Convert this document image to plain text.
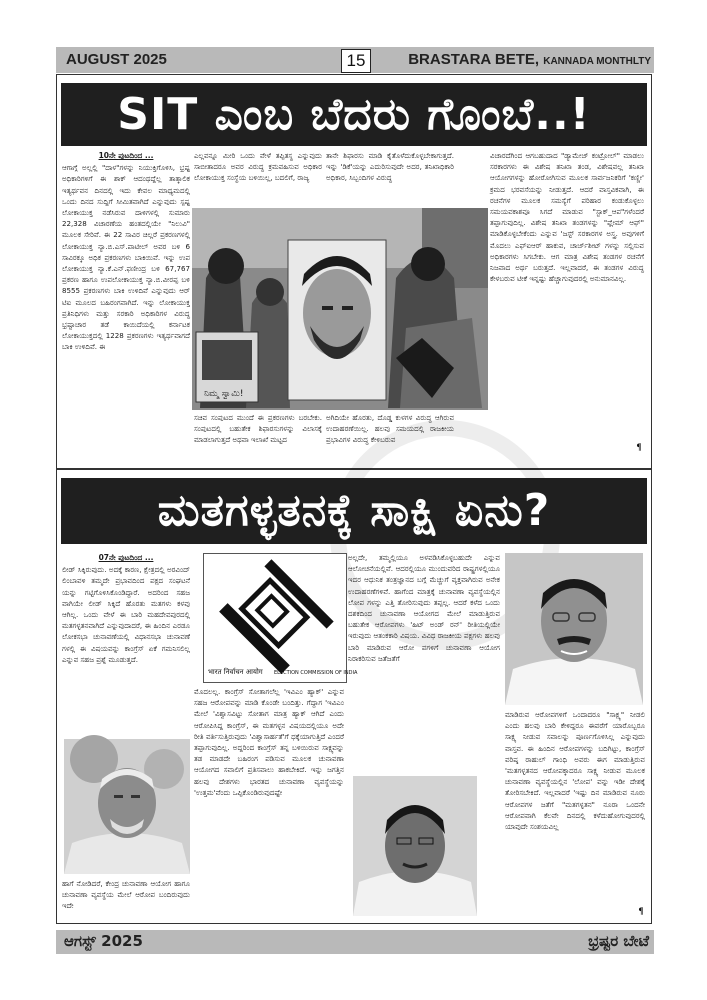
AUGUST 2025	15	BRASTARA BETE, KANNADA MONTHLTY
SIT ಎಂಬ ಬೆದರು ಗೊಂಬೆ..!
10ನೇ ಪುಟದಿಂದ ...

ಆಗಾಗ್ಗೆ ಅಲ್ಲಲ್ಲಿ "ದಾಳ"ಗಳನ್ನು ನಿಯುಕ್ತಿಗೊಳಿಸಿ, ಭ್ರಷ್ಟ ಅಧಿಕಾರಿಗಳಿಗೆ ಈ ಶಾಕ್ ಆದಂಥದ್ದೆಲ್ಲ ತಾತ್ಕಾಲಿಕ ಇತ್ಯರ್ಥವನ ದಿನದಲ್ಲಿ ಇದು ಕೇವಲ ಮಾಧ್ಯಮದಲ್ಲಿ ಒಂದು ದಿನದ ಸುದ್ದಿಗೆ ಸೀಮಿತವಾಗಿದೆ ಎನ್ನುವುದು ಸ್ಪಷ್ಟ ಲೋಕಾಯುಕ್ತ ನಡೆಸಿರುವ ದಾಳಿಗಳಲ್ಲಿ ಸುಮಾರು 22,328 ವಿಚಾರಣೆಯ ಹಂತದಲ್ಲಿಯೇ "ನಿಲುವಿ" ಮೂಲಕ ಸೇರಿವೆ. ಈ 22 ಸಾವಿರ ಚಿಲ್ಲರೆ ಪ್ರಕರಣಗಳಲ್ಲಿ ಲೋಕಾಯುಕ್ತ ನ್ಯಾ.ಬಿ.ಎಸ್.ಪಾಟೀಲ್ ಅವರ ಬಳಿ 6 ಸಾವಿರಕ್ಕೂ ಅಧಿಕ ಪ್ರಕರಣಗಳು ಬಾಕಿಯಿವೆ. ಇನ್ನು ಉಪ ಲೋಕಾಯುಕ್ತ ನ್ಯಾ.ಕೆ.ಎನ್.ಫಣೀಂದ್ರ ಬಳಿ 67,767 ಪ್ರಕರಣ ಹಾಗೂ ಉಪಲೋಕಾಯುಕ್ತ ನ್ಯಾ.ಬಿ.ವೀರಪ್ಪ ಬಳಿ 8555 ಪ್ರಕರಣಗಳು ಬಾಕಿ ಉಳಿದಿವೆ ಎನ್ನುವುದು ಆರ್ ಟಿಐ ಮೂಲದ ಬಹಿರಂಗವಾಗಿದೆ. ಇನ್ನು ಲೋಕಾಯುಕ್ತ ಪ್ರತಿನಿಧಿಗಳು ಮತ್ತು ಸರಕಾರಿ ಅಧಿಕಾರಿಗಳ ವಿರುದ್ಧ ಭ್ರಷ್ಟಾಚಾರ ತಡೆ ಕಾಯಿದೆಯಲ್ಲಿ ಕರ್ನಾಟಕ ಲೋಕಾಯುಕ್ತದಲ್ಲಿ 1228 ಪ್ರಕರಣಗಳು ಇತ್ಯರ್ಥವಾಗದೆ ಬಾಕಿ ಉಳಿದಿವೆ. ಈ

ಎಲ್ಲವನ್ನೂ ಮೀರಿ ಒಂದು ವೇಳೆ ತಪ್ಪಿತಸ್ಥ ಎನ್ನುವುದು ಸಾಬೀತಾದರೂ ಅವರ ವಿರುದ್ಧ ಕ್ರಮವಹಿಸುವ ಅಧಿಕಾರ ಲೋಕಾಯುಕ್ತ ಸಂಸ್ಥೆಯ ಬಳಿಯಿಲ್ಲ, ಬದಲಿಗೆ, ರಾಜ್ಯ

ತಾನೇ ಶಿಫಾರಸು ಮಾಡಿ ಕೈತೊಳೆದುಕೊಳ್ಳಬೇಕಾಗುತ್ತದೆ. ಇನ್ನು 'ಡಿಕೆ'ಯನ್ನು ಎದುರಿಸುವುದೇ ಅದರ, ತನಿಖಾಧಿಕಾರಿ ಅಧಿಕಾರ, ಸಿಬ್ಬಂದಿಗಳ ವಿರುದ್ಧ

ವಿಚಾರದೆಗಿಂದ ಆಗಬಹುದಾದ "ಡ್ಯಾಮೇಜ್ ಕಂಟ್ರೋಲ್" ಮಾಡಲು ಸರಕಾರಗಳು ಈ ವಿಶೇಷ ತನಿಖಾ ತಂಡ, ವಿಶೇಷವಲ್ಲ ತನಿಖಾ ಆಯೋಗಗಳನ್ನು ಹೋರೋಗಿಸುವ ಮೂಲಕ ಸಾರ್ವಜನಿಕರಿಗೆ 'ಕಣ್ಣೀ' ಕ್ರಮದ ಭರವಸೆಯನ್ನು ನೀಡುತ್ತದೆ. ಆದರೆ ವಾಸ್ತವಿಕವಾಗಿ, ಈ ರಚನೆಗಳ ಮೂಲಕ ಸಮಸ್ಯೆಗೆ ಪರಿಹಾರ ಕಂಡುಕೊಳ್ಳಲು ಸಮಯವಕಾಶವೂ ಸಿಗದೆ ಮಾಡುವ "ಸ್ಟಾಕ್_ಆಪ"ಗಳೆಂದರೆ ತಪ್ಪಾಗುವುದಿಲ್ಲ. ವಿಶೇಷ ತನಿಖಾ ತಂಡಗಳನ್ನು "ಫ್ಲೇಮ್ ಆಫ್" ಮಾಡಿಕೊಳ್ಳಬೇಕೆಂದು ಎನ್ನುವ 'ಜಸ್ಟ್ ಸರಕಾರಗಳ ಅಸ್ತ್ರ. ಅವುಗಳಿಗೆ ಮೊದಲು ಎಫ್ಐಆರ್ ಹಾಕುವ, ಚಾರ್ಜ್‌ಶೀಟ್ ಗಳನ್ನು ಸಲ್ಲಿಸುವ ಅಧಿಕಾರಗಳು ಸಿಗಬೇಕು. ಆಗ ಮಾತ್ರ ವಿಶೇಷ ತಂಡಗಳ ರಚನೆಗೆ ನಿಜವಾದ ಅರ್ಥ ಬರುತ್ತದೆ. ಇಲ್ಲವಾದರೆ, ಈ ತಂಡಗಳ ವಿರುದ್ಧ ಕೇಳಬರುವ ಟೀಕೆ ಇನ್ನಷ್ಟು ಹೆಚ್ಚಾಗುವುದರಲ್ಲಿ ಅನುಮಾನವಿಲ್ಲ.

¶
ನಿಮ್ಮ ಸ್ವಾಮಿ!

ಸಚಿವ ಸಂಪುಟದ ಮುಂದೆ ಈ ಪ್ರಕರಣಗಳು ಬರಬೇಕು. ಸಂಪುಟದಲ್ಲಿ ಬಹುತೇಕ ಶಿಫಾರಸುಗಳನ್ನು ವಿಲಾಸಕ್ಕೆ ಮಾಡಲಾಗುತ್ತದೆ ಅಥವಾ ಇಲಾಖೆ ಮಟ್ಟದ

ಅಗಿದಿಯೇ ಹೊರತು, ದೊಡ್ಡ ಕುಳಗಳ ವಿರುದ್ಧ ಆಗಿರುವ ಉದಾಹರಣೆಯಿಲ್ಲ. ಹಲವು ಸಮಯದಲ್ಲಿ ರಾಜಕೀಯ ಪ್ರಭಾವಿಗಳ ವಿರುದ್ಧ ಕೇಳಿಬರುವ

ಮತಗಳ್ಳತನಕ್ಕೆ ಸಾಕ್ಷಿ ಏನು?
07ನೇ ಪುಟದಿಂದ ...

ಲೀಡ್ ಸಿಕ್ಕಿರುವುದು. ಅದಕ್ಕೆ ಕಾರಣ, ಕ್ಷೇತ್ರದಲ್ಲಿ ಅರವಿಂದ್ ಲಿಂಬಾವಳಿ ತಮ್ಮದೇ ಪ್ರಭಾವದಿಂದ ಪಕ್ಷದ ಸಂಘಟನೆ ಯನ್ನು ಗಟ್ಟಿಗೊಳಿಸಿಕೊಂಡಿದ್ದಾರೆ. ಅದರಿಂದ ಸಹಜ ವಾಗಿಯೇ ಲೀಡ್ ಸಿಕ್ಕಿದೆ ಹೊರತು ಮತಗಳು ಕಳವು ಆಗಿಲ್ಲ. ಒಂದು ವೇಳೆ ಈ ಬಾರಿ ಮಹದೇವಪುರದಲ್ಲಿ ಮತಗಳ್ಳತನವಾಗಿದೆ ಎನ್ನುವುದಾದರೆ, ಈ ಹಿಂದಿನ ಎರಡೂ ಲೋಕಸಭಾ ಚುನಾವಣೆಯಲ್ಲಿ ವಿಧಾನಸಭಾ ಚುನಾವಣೆ ಗಳಲ್ಲಿ ಈ ವಿಷಯವನ್ನು ಕಾಂಗ್ರೆಸ್ ಏಕೆ ಗಮನಿಸಲಿಲ್ಲ ಎನ್ನುವ ಸಹಜ ಪ್ರಶ್ನೆ ಮೂಡುತ್ತದೆ.

ಹಾಗೆ ನೋಡಿದರೆ, ಕೇಂದ್ರ ಚುನಾವಣಾ ಆಯೋಗ ಹಾಗೂ ಚುನಾವಣಾ ವ್ಯವಸ್ಥೆಯ ಮೇಲೆ ಆರೋಪ ಬಂದಿರುವುದು ಇದೇ

भारत निर्वाचन आयोग ELECTION COMMISSION OF INDIA

ಮೊದಲಲ್ಲ. ಕಾಂಗ್ರೆಸ್ ಸೋತಾಗಲೆಲ್ಲ 'ಇವಿಎಂ ಹ್ಯಾಕ್' ಎನ್ನುವ ಸಹಜ ಆರೋಪವನ್ನು ಮಾಡಿ ಕೊಂಡೇ ಬಂದಿತ್ತು. ಗೆದ್ದಾಗ 'ಇವಿಎಂ ಮೇಲೆ 'ವಿಶ್ವಾಸವಿಟ್ಟು ಸೋತಾಗ ಮಾತ್ರ ಹ್ಯಾಕ್ ಆಗಿದೆ ಎಂದು ಆರೋಪಿಸಿದ್ದ ಕಾಂಗ್ರೆಸ್, ಈ ಮತಗಳ್ಳನ ವಿಷಯದಲ್ಲಿಯೂ ಅದೇ ರೀತಿ ವರ್ತಿಸುತ್ತಿರುವುದು 'ವಿಶ್ವಾಸಾರ್ಹತೆ'ಗೆ ಧಕ್ಕೆಯಾಗುತ್ತಿದೆ ಎಂದರೆ ತಪ್ಪಾಗುವುದಿಲ್ಲ. ಅದ್ದರಿಂದ ಕಾಂಗ್ರೆಸ್ ತನ್ನ ಬಳಿಯಿರುವ ಸಾಕ್ಷ್ಯವನ್ನು ತಡ ಮಾಡದೇ ಬಹಿರಂಗ ಪಡಿಸುವ ಮೂಲಕ ಚುನಾವಣಾ ಆಯೋಗದ ಸವಾಲಿಗೆ ಪ್ರತಿಸವಾಲು ಹಾಕಬೇಕಿದೆ. ಇನ್ನು ಜಗತ್ತಿನ ಹಲವು ದೇಶಗಳು ಭಾರತದ ಚುನಾವಣಾ ವ್ಯವಸ್ಥೆಯನ್ನು 'ಉತ್ತಮ'ವೆಂದು ಒಪ್ಪಿಕೊಂಡಿರುವುದಷ್ಟೇ

ಅಲ್ಲದೇ, ತಮ್ಮಲ್ಲಿಯೂ ಅಳವಡಿಸಿಕೊಳ್ಳಬಹುದೇ ಎನ್ನುವ ಆಲೋಚನೆಯಲ್ಲಿವೆ. ಆದರಲ್ಲಿಯೂ ಮುಂದುವರಿದ ರಾಷ್ಟ್ರಗಳಲ್ಲಿಯೂ ಇದರ ಆಧುನಿಕ ತಂತ್ರಜ್ಞಾನದ ಬಗ್ಗೆ ಮೆಚ್ಚುಗೆ ವ್ಯಕ್ತವಾಗಿರುವ ಅನೇಕ ಉದಾಹರಣೆಗಳಿವೆ. ಹಾಗೆಂದ ಮಾತ್ರಕ್ಕೆ ಚುನಾವಣಾ ವ್ಯವಸ್ಥೆಯಲ್ಲಿನ ಲೋಪ ಗಳನ್ನು ಎತ್ತಿ ತೋರಿಸುವುದು ತಪ್ಪಲ್ಲ. ಆದರೆ ಕಳೆದ ಒಂದು ದಶಕದಿಂದ ಚುನಾವಣಾ ಆಯೋಗದ ಮೇಲೆ ಮಾಡುತ್ತಿರುವ ಬಹುತೇಕ ಆರೋಪಗಳು 'ಹಿಟ್ ಅಂಡ್ ರನ್' ರೀತಿಯಲ್ಲಿಯೇ ಇರುವುದು ಆತಂಕಕಾರಿ ವಿಷಯ. ವಿವಿಧ ರಾಜಕೀಯ ಪಕ್ಷಗಳು ಹಲವು ಬಾರಿ ಮಾಡಿರುವ ಆರೋ ಪಗಳಿಗೆ ಚುನಾವಣಾ ಆಯೋಗ ನಿರಾಕರಿಸುವ ಜತೆಜತೆಗೆ

ಮಾಡಿರುವ ಆರೋಪಗಳಿಗೆ ಒಂದಾದರೂ "ಸಾಕ್ಷ್ಯ" ನೀಡಲಿ ಎಂದು ಹಲವು ಬಾರಿ ಕೇಳಿದ್ದರೂ ಈವರೆಗೆ ಯಾರೊಬ್ಬರೂ ಸಾಕ್ಷ್ಯ ನೀಡುವ ಸವಾಲನ್ನು ಪೂರ್ಣಗೊಳಿಸಿಲ್ಲ ಎನ್ನುವುದು ವಾಸ್ತವ. ಈ ಹಿಂದಿನ ಆರೋಪಗಳನ್ನು ಬದಿಗಿಟ್ಟು, ಕಾಂಗ್ರೆಸ್ ವರಿಷ್ಠ ರಾಹುಲ್ ಗಾಂಧಿ ಅವರು ಈಗ ಮಾಡುತ್ತಿರುವ 'ಮತಗಳ್ಳತನದ ಆರೋಪಕ್ಕಾದರೂ ಸಾಕ್ಷ್ಯ ನೀಡುವ ಮೂಲಕ ಚುನಾವಣಾ ವ್ಯವಸ್ಥೆಯಲ್ಲಿನ 'ಲೋಪ' ವನ್ನು ಇಡೀ ದೇಶಕ್ಕೆ ತೋರಿಸಬೇಕಿದೆ. ಇಲ್ಲವಾದರೆ 'ಇಷ್ಟು ದಿನ ಮಾಡಿರುವ ನೂರು ಆರೋಪಗಳ ಜತೆಗೆ "ಮತಗಳ್ಳತನ" ನೂರಾ ಒಂದನೇ ಆರೋಪವಾಗಿ ಕೆಲವೇ ದಿನದಲ್ಲಿ ಕಳೆದುಹೋಗುವುದರಲ್ಲಿ ಯಾವುದೇ ಸಂಶಯವಿಲ್ಲ

¶
ಆಗಸ್ಟ್ 2025	ಭ್ರಷ್ಟರ ಬೇಟೆ
